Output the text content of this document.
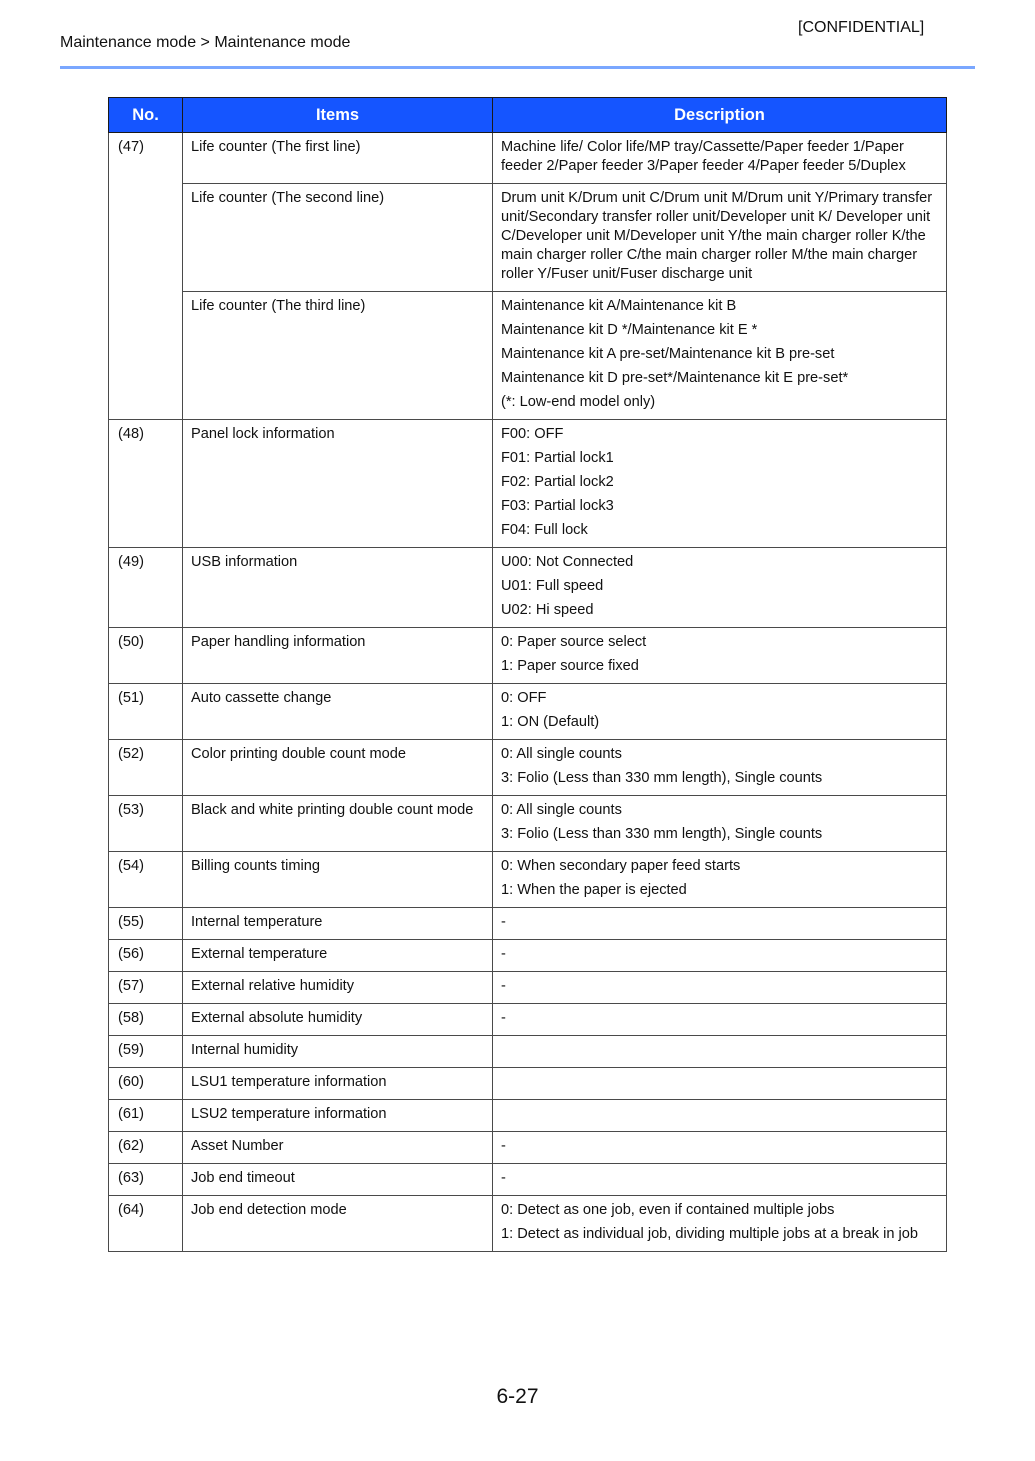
[CONFIDENTIAL]
Maintenance mode > Maintenance mode
No.	Items	Description
(47)	Life counter (The first line)	Machine life/ Color life/MP tray/Cassette/Paper feeder 1/Paper feeder 2/Paper feeder 3/Paper feeder 4/Paper feeder 5/Duplex

	Life counter (The second line)	Drum unit K/Drum unit C/Drum unit M/Drum unit Y/Primary transfer unit/Secondary transfer roller unit/Developer unit K/ Developer unit C/Developer unit M/Developer unit Y/the main charger roller K/the main charger roller C/the main charger roller M/the main charger roller Y/Fuser unit/Fuser discharge unit

	Life counter (The third line)	Maintenance kit A/Maintenance kit B
Maintenance kit D */Maintenance kit E *
Maintenance kit A pre-set/Maintenance kit B pre-set
Maintenance kit D pre-set*/Maintenance kit E pre-set*
(*: Low-end model only)

(48)	Panel lock information	F00: OFF
F01: Partial lock1
F02: Partial lock2
F03: Partial lock3
F04: Full lock

(49)	USB information	U00: Not Connected
U01: Full speed
U02: Hi speed

(50)	Paper handling information	0: Paper source select
1: Paper source fixed

(51)	Auto cassette change	0: OFF
1: ON (Default)

(52)	Color printing double count mode	0: All single counts
3: Folio (Less than 330 mm length), Single counts

(53)	Black and white printing double count mode	0: All single counts
3: Folio (Less than 330 mm length), Single counts

(54)	Billing counts timing	0: When secondary paper feed starts
1: When the paper is ejected

(55)	Internal temperature	-

(56)	External temperature	-

(57)	External relative humidity	-

(58)	External absolute humidity	-

(59)	Internal humidity	

(60)	LSU1 temperature information	

(61)	LSU2 temperature information	

(62)	Asset Number	-

(63)	Job end timeout	-

(64)	Job end detection mode	0: Detect as one job, even if contained multiple jobs
1: Detect as individual job, dividing multiple jobs at a break in job
6-27
